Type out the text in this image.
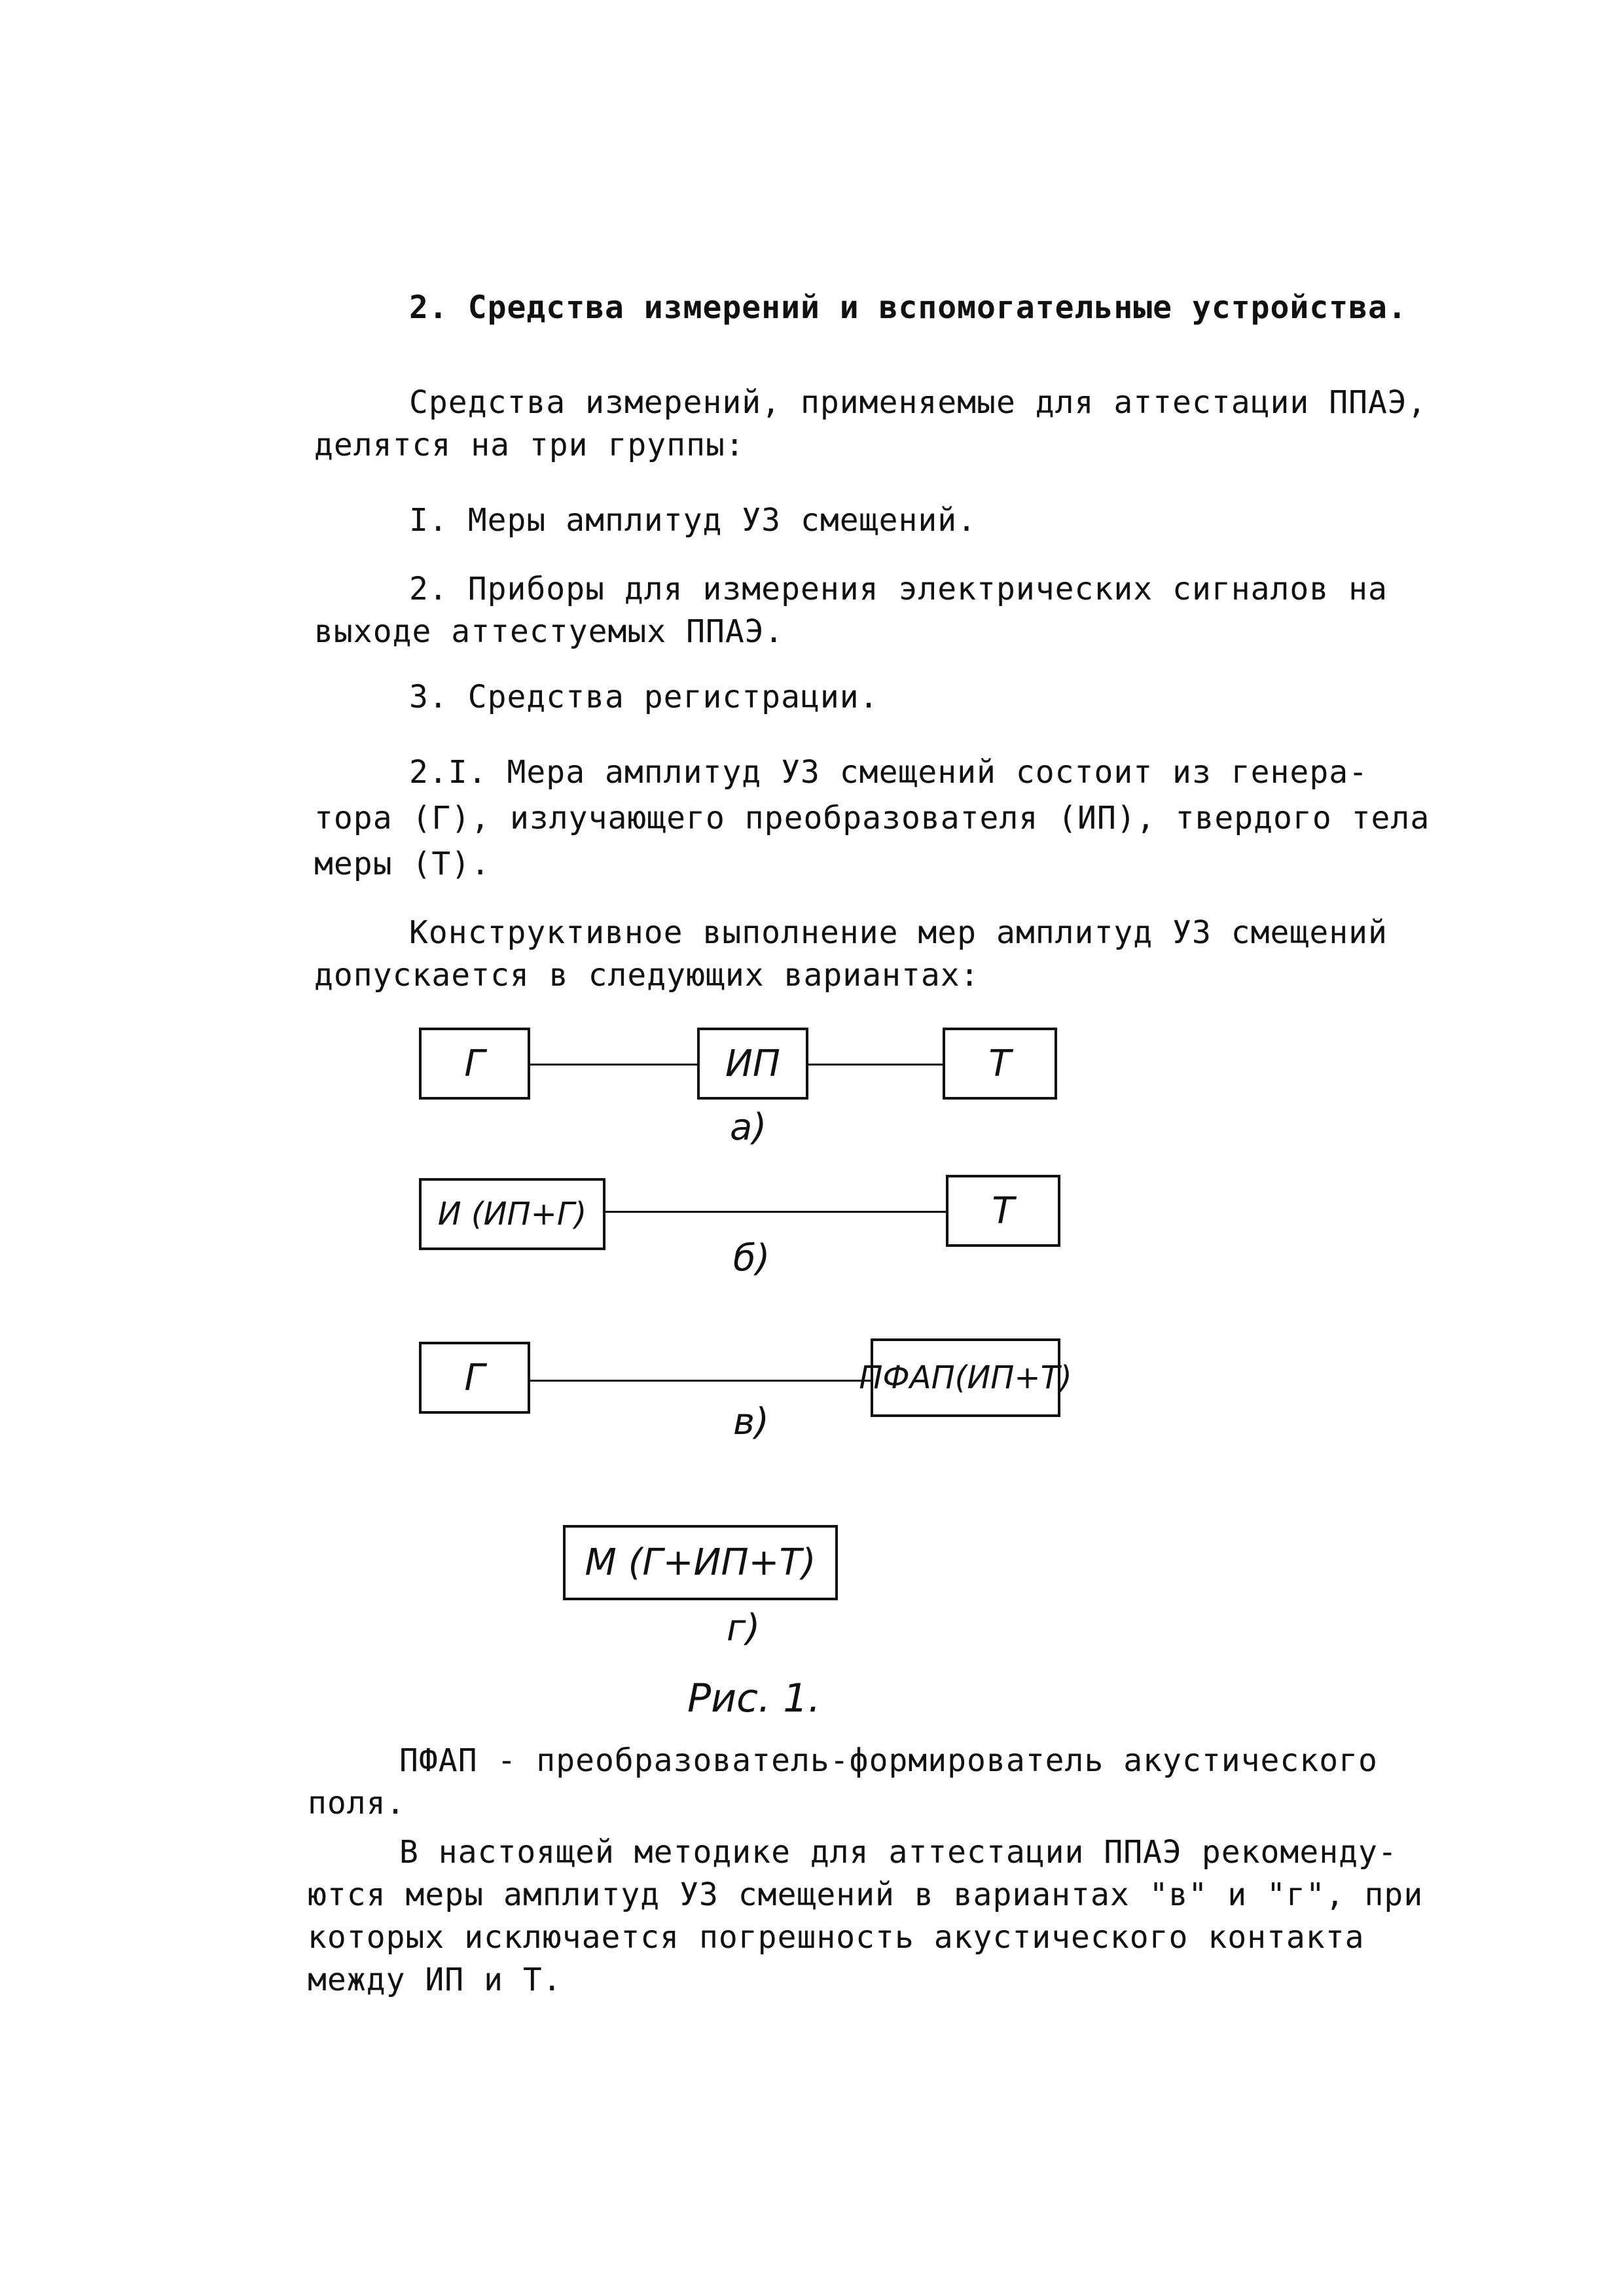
2. Средства измерений и вспомогательные устройства.
Средства измерений, применяемые для аттестации ППАЭ,
делятся на три группы:
I. Меры амплитуд УЗ смещений.
2. Приборы для измерения электрических сигналов на
выходе аттестуемых ППАЭ.
3. Средства регистрации.
2.I. Мера амплитуд УЗ смещений состоит из генера-
тора (Г), излучающего преобразователя (ИП), твердого тела
меры (Т).
Конструктивное выполнение мер амплитуд УЗ смещений
допускается в следующих вариантах:
Г	ИП	Т
а)
И (ИП+Г)	Т
б)
Г	ПФАП(ИП+Т)
в)
М (Г+ИП+Т)
г)
Рис. 1.
ПФАП - преобразователь-формирователь акустического
поля.
В настоящей методике для аттестации ППАЭ рекоменду-
ются меры амплитуд УЗ смещений в вариантах "в" и "г", при
которых исключается погрешность акустического контакта
между ИП и Т.
